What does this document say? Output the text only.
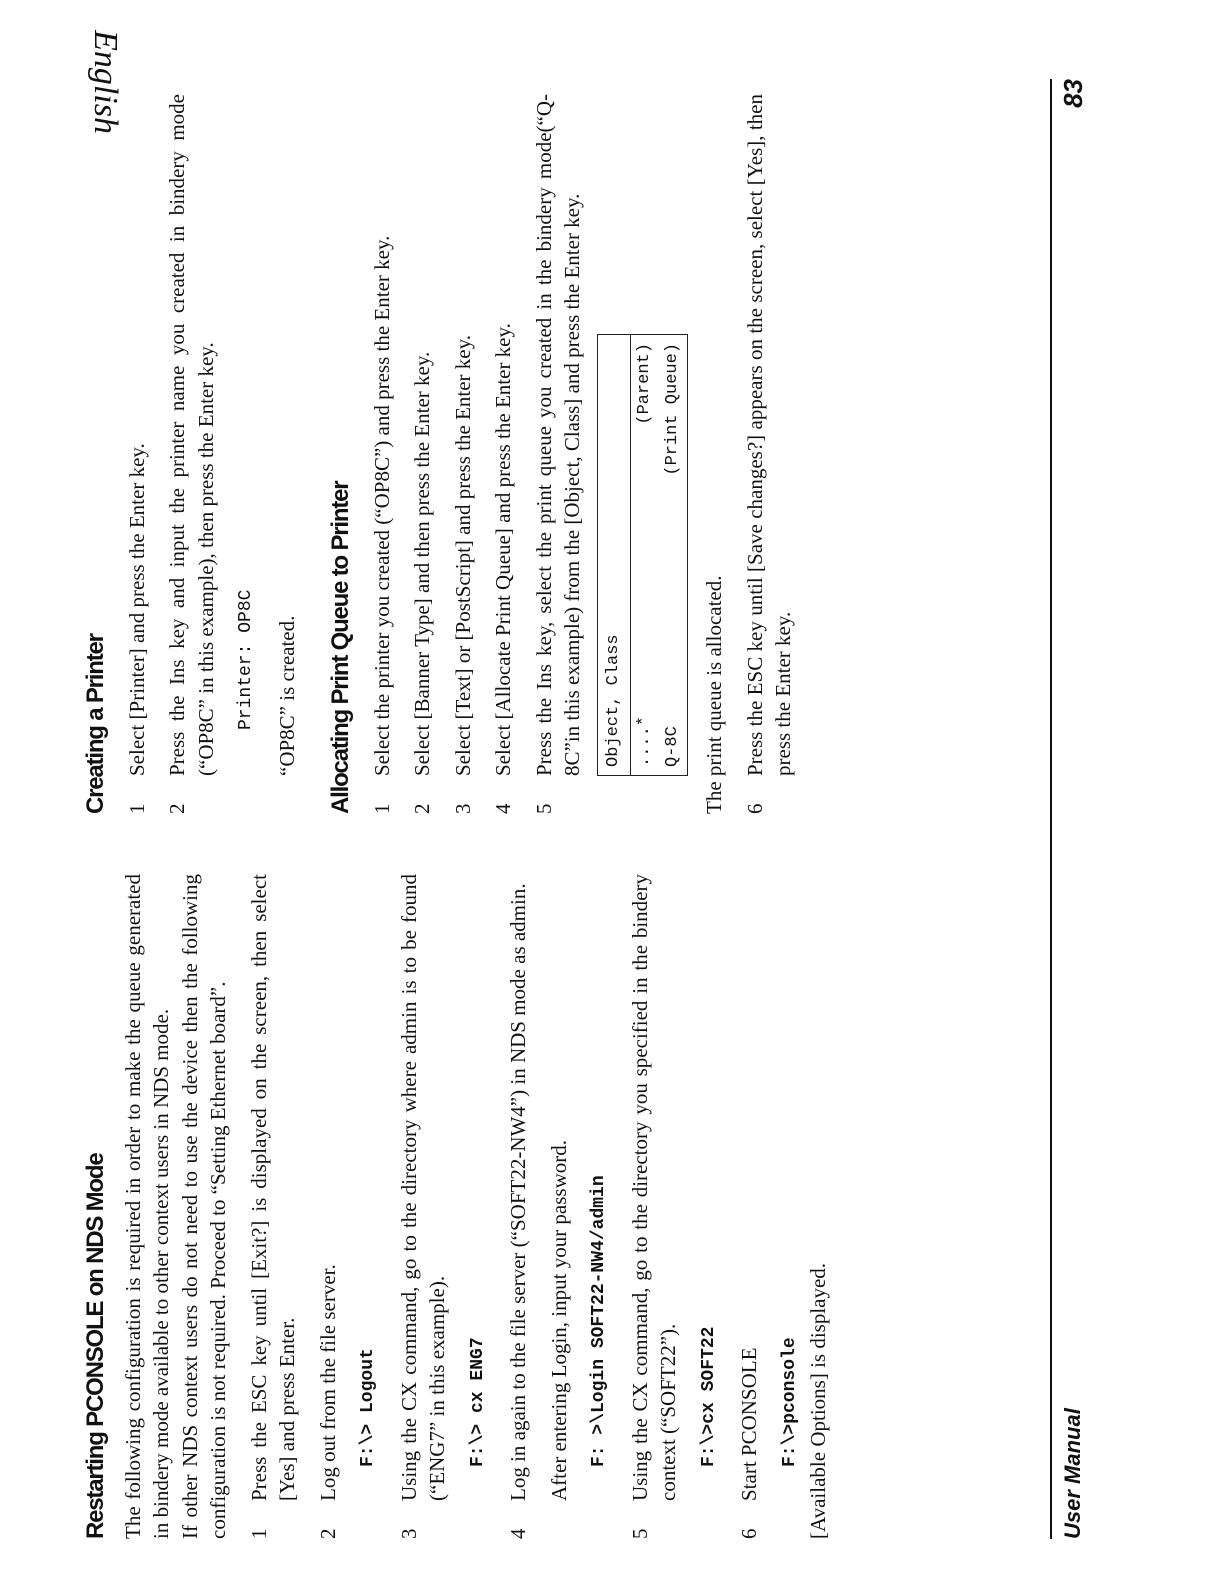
English
Restarting PCONSOLE on NDS Mode The following configuration is required in order to make the queue generated in bindery mode available to other context users in NDS mode. If other NDS context users do not need to use the device then the following configuration is not required. Proceed to “Setting Ethernet board”. 1
Press the ESC key until [Exit?] is displayed on the screen, then select [Yes] and press Enter.
2
Log out from the file server. F:\> Logout
3
Using the CX command, go to the directory where admin is to be found (“ENG7” in this example). F:\> cx ENG7
4
Log in again to the file server (“SOFT22-NW4”) in NDS mode as admin. After entering Login, input your password. F: >\Login SOFT22-NW4/admin
5
Using the CX command, go to the directory you specified in the bindery context (“SOFT22”). F:\>cx SOFT22
6
Start PCONSOLE F:\>pconsole [Available Options] is displayed.
Creating a Printer 1
Select [Printer] and press the Enter key.
2
Press the Ins key and input the printer name you created in bindery mode (“OP8C” in this example), then press the Enter key. Printer: OP8C “OP8C” is created. Allocating Print Queue to Printer 1
Select the printer you created (“OP8C”) and press the Enter key.
2
Select [Banner Type] and then press the Enter key.
3
Select [Text] or [PostScript] and press the Enter key.
4
Select [Allocate Print Queue] and press the Enter key.
5
Press the Ins key, select the print queue you created in the bindery mode(“Q-8C”in this example) from the [Object, Class] and press the Enter key.	Object, Class ....*
(Parent)
Q-8C
(Print Queue)
The print queue is allocated. 6
Press the ESC key until [Save changes?] appears on the screen, select [Yes], then press the Enter key.
User Manual
83
